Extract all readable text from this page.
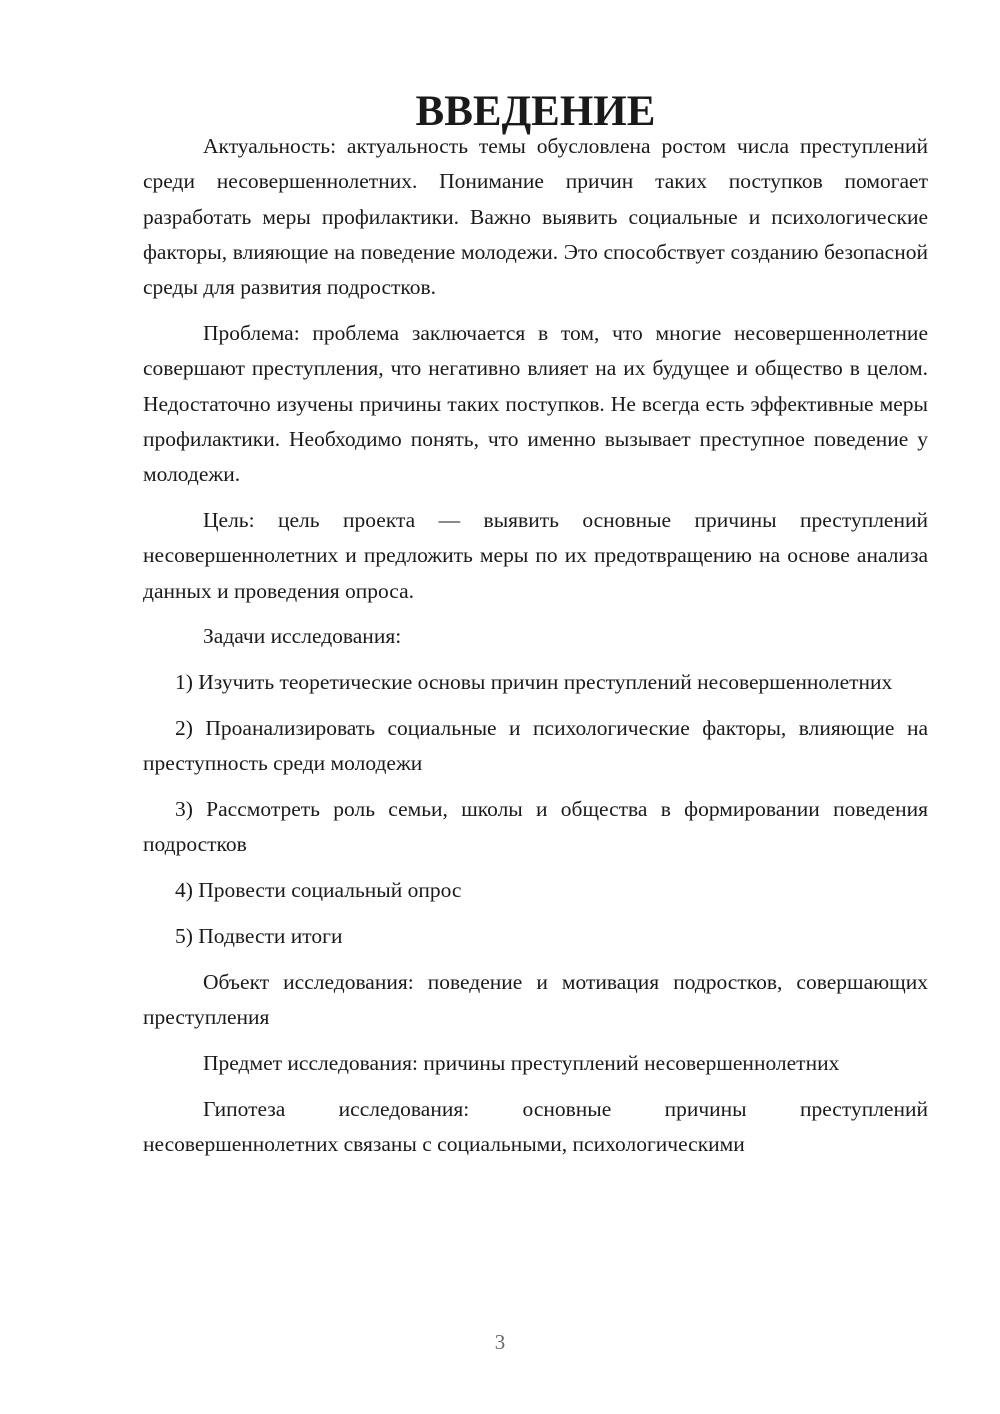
ВВЕДЕНИЕ

Актуальность: актуальность темы обусловлена ростом числа преступлений среди несовершеннолетних. Понимание причин таких поступков помогает разработать меры профилактики. Важно выявить социальные и психологические факторы, влияющие на поведение молодежи. Это способствует созданию безопасной среды для развития подростков.

Проблема: проблема заключается в том, что многие несовершеннолетние совершают преступления, что негативно влияет на их будущее и общество в целом. Недостаточно изучены причины таких поступков. Не всегда есть эффективные меры профилактики. Необходимо понять, что именно вызывает преступное поведение у молодежи.

Цель: цель проекта — выявить основные причины преступлений несовершеннолетних и предложить меры по их предотвращению на основе анализа данных и проведения опроса.

Задачи исследования:

1) Изучить теоретические основы причин преступлений несовершеннолетних

2) Проанализировать социальные и психологические факторы, влияющие на преступность среди молодежи

3) Рассмотреть роль семьи, школы и общества в формировании поведения подростков

4) Провести социальный опрос

5) Подвести итоги

Объект исследования: поведение и мотивация подростков, совершающих преступления

Предмет исследования: причины преступлений несовершеннолетних

Гипотеза исследования: основные причины преступлений несовершеннолетних связаны с социальными, психологическими

3
